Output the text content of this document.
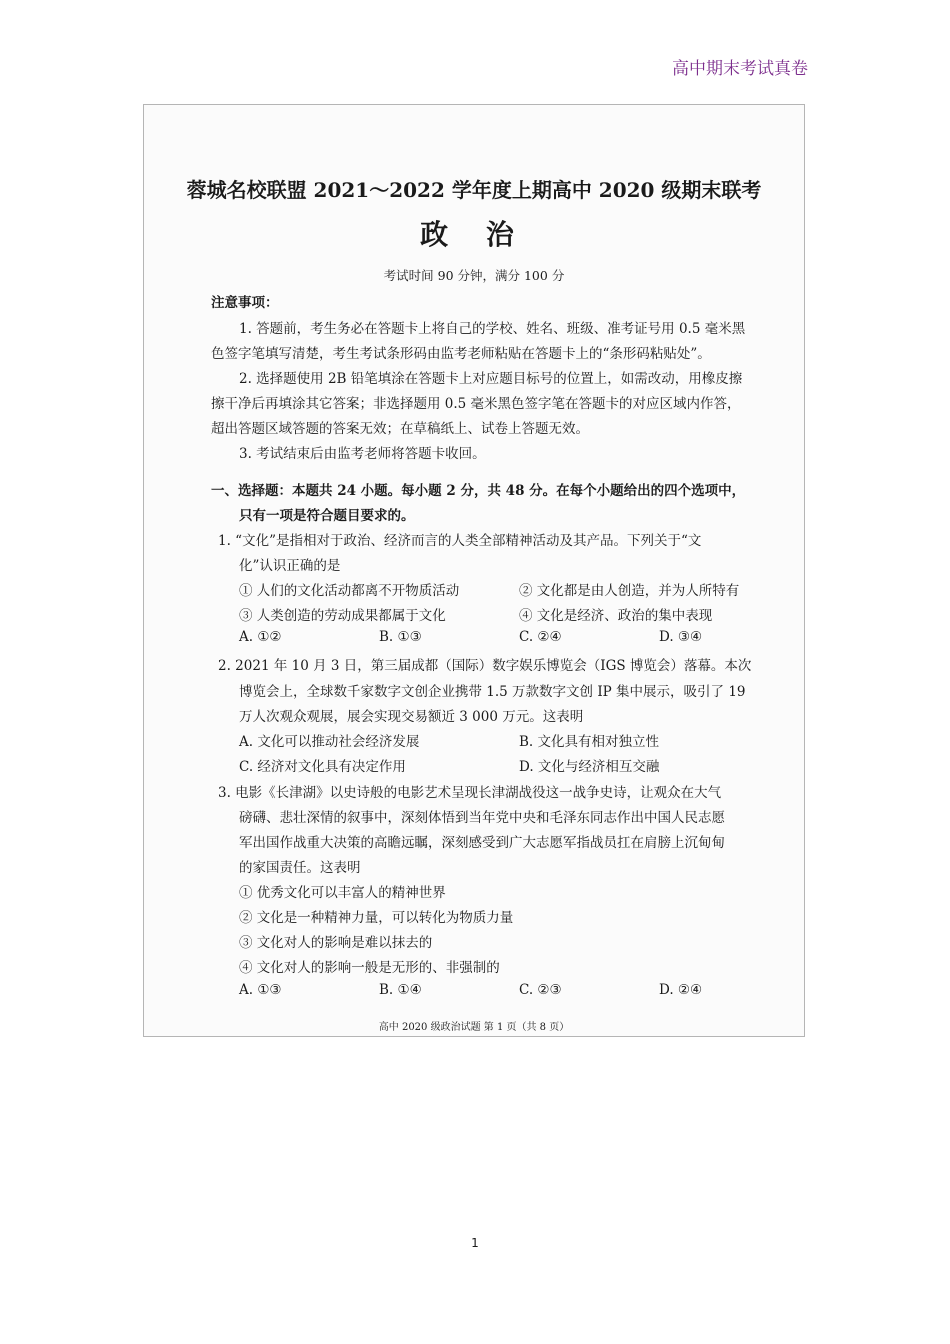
高中期末考试真卷
蓉城名校联盟 2021～2022 学年度上期高中 2020 级期末联考
政 治
考试时间 90 分钟，满分 100 分
注意事项：
1. 答题前，考生务必在答题卡上将自己的学校、姓名、班级、准考证号用 0.5 毫米黑
色签字笔填写清楚，考生考试条形码由监考老师粘贴在答题卡上的“条形码粘贴处”。
2. 选择题使用 2B 铅笔填涂在答题卡上对应题目标号的位置上，如需改动，用橡皮擦
擦干净后再填涂其它答案；非选择题用 0.5 毫米黑色签字笔在答题卡的对应区域内作答，
超出答题区域答题的答案无效；在草稿纸上、试卷上答题无效。
3. 考试结束后由监考老师将答题卡收回。
一、选择题：本题共 24 小题。每小题 2 分，共 48 分。在每个小题给出的四个选项中，
只有一项是符合题目要求的。
1. “文化”是指相对于政治、经济而言的人类全部精神活动及其产品。下列关于“文
化”认识正确的是
① 人们的文化活动都离不开物质活动	② 文化都是由人创造，并为人所特有
③ 人类创造的劳动成果都属于文化	④ 文化是经济、政治的集中表现
A. ①②	B. ①③	C. ②④	D. ③④
2. 2021 年 10 月 3 日，第三届成都（国际）数字娱乐博览会（IGS 博览会）落幕。本次
博览会上，全球数千家数字文创企业携带 1.5 万款数字文创 IP 集中展示，吸引了 19
万人次观众观展，展会实现交易额近 3 000 万元。这表明
A. 文化可以推动社会经济发展	B. 文化具有相对独立性
C. 经济对文化具有决定作用	D. 文化与经济相互交融
3. 电影《长津湖》以史诗般的电影艺术呈现长津湖战役这一战争史诗，让观众在大气
磅礴、悲壮深情的叙事中，深刻体悟到当年党中央和毛泽东同志作出中国人民志愿
军出国作战重大决策的高瞻远瞩，深刻感受到广大志愿军指战员扛在肩膀上沉甸甸
的家国责任。这表明
① 优秀文化可以丰富人的精神世界
② 文化是一种精神力量，可以转化为物质力量
③ 文化对人的影响是难以抹去的
④ 文化对人的影响一般是无形的、非强制的
A. ①③	B. ①④	C. ②③	D. ②④
高中 2020 级政治试题 第 1 页（共 8 页）
1
